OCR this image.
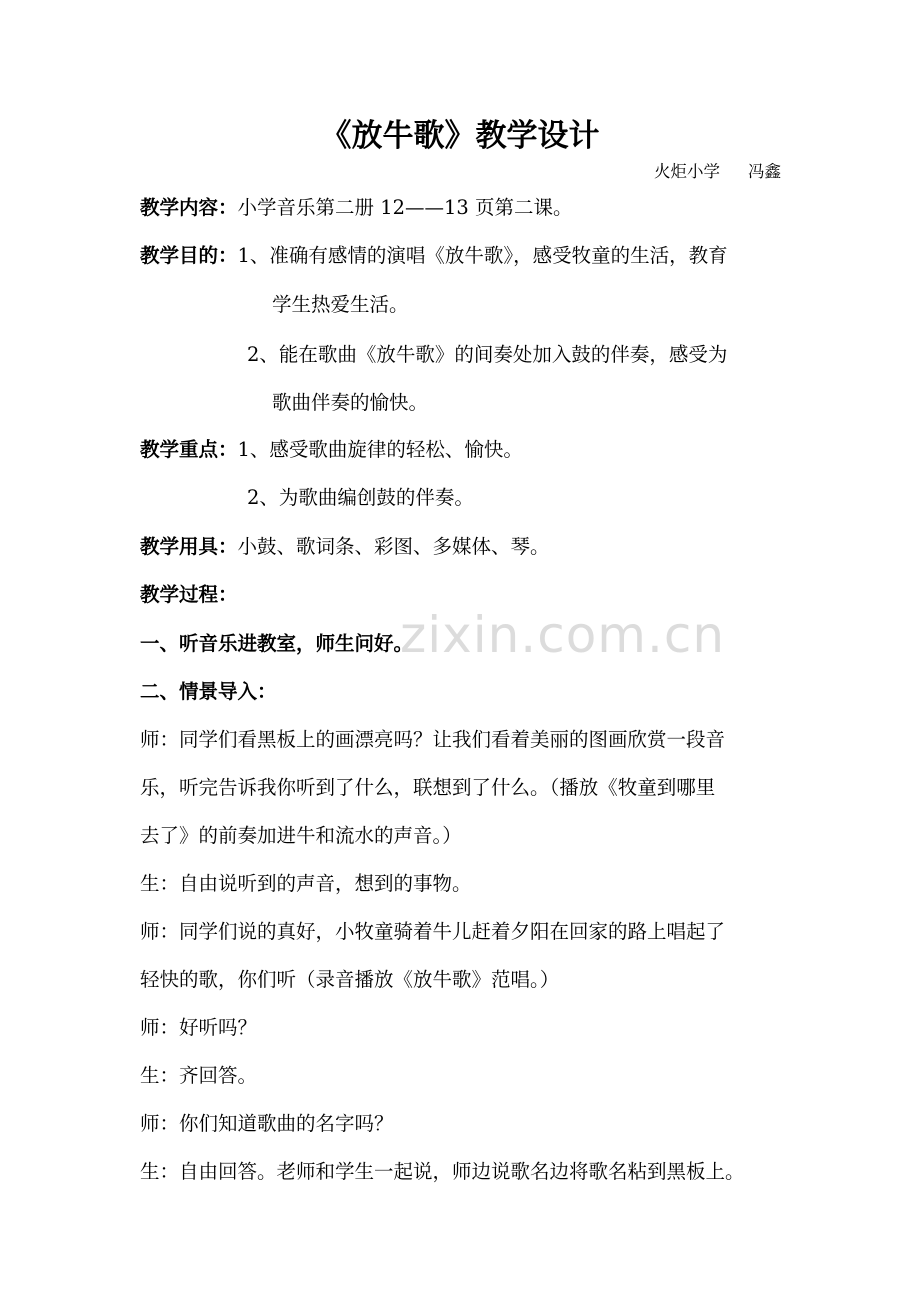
zixin.com.cn
《放牛歌》教学设计
火炬小学 冯鑫
教学内容：小学音乐第二册 12——13 页第二课。
教学目的：1、准确有感情的演唱《放牛歌》，感受牧童的生活，教育
学生热爱生活。
2、能在歌曲《放牛歌》的间奏处加入鼓的伴奏，感受为
歌曲伴奏的愉快。
教学重点：1、感受歌曲旋律的轻松、愉快。
2、为歌曲编创鼓的伴奏。
教学用具：小鼓、歌词条、彩图、多媒体、琴。
教学过程：
一、听音乐进教室，师生问好。
二、情景导入：
师：同学们看黑板上的画漂亮吗？让我们看着美丽的图画欣赏一段音
乐，听完告诉我你听到了什么，联想到了什么。（播放《牧童到哪里
去了》的前奏加进牛和流水的声音。）
生：自由说听到的声音，想到的事物。
师：同学们说的真好，小牧童骑着牛儿赶着夕阳在回家的路上唱起了
轻快的歌，你们听（录音播放《放牛歌》范唱。）
师：好听吗？
生：齐回答。
师：你们知道歌曲的名字吗？
生：自由回答。老师和学生一起说，师边说歌名边将歌名粘到黑板上。
